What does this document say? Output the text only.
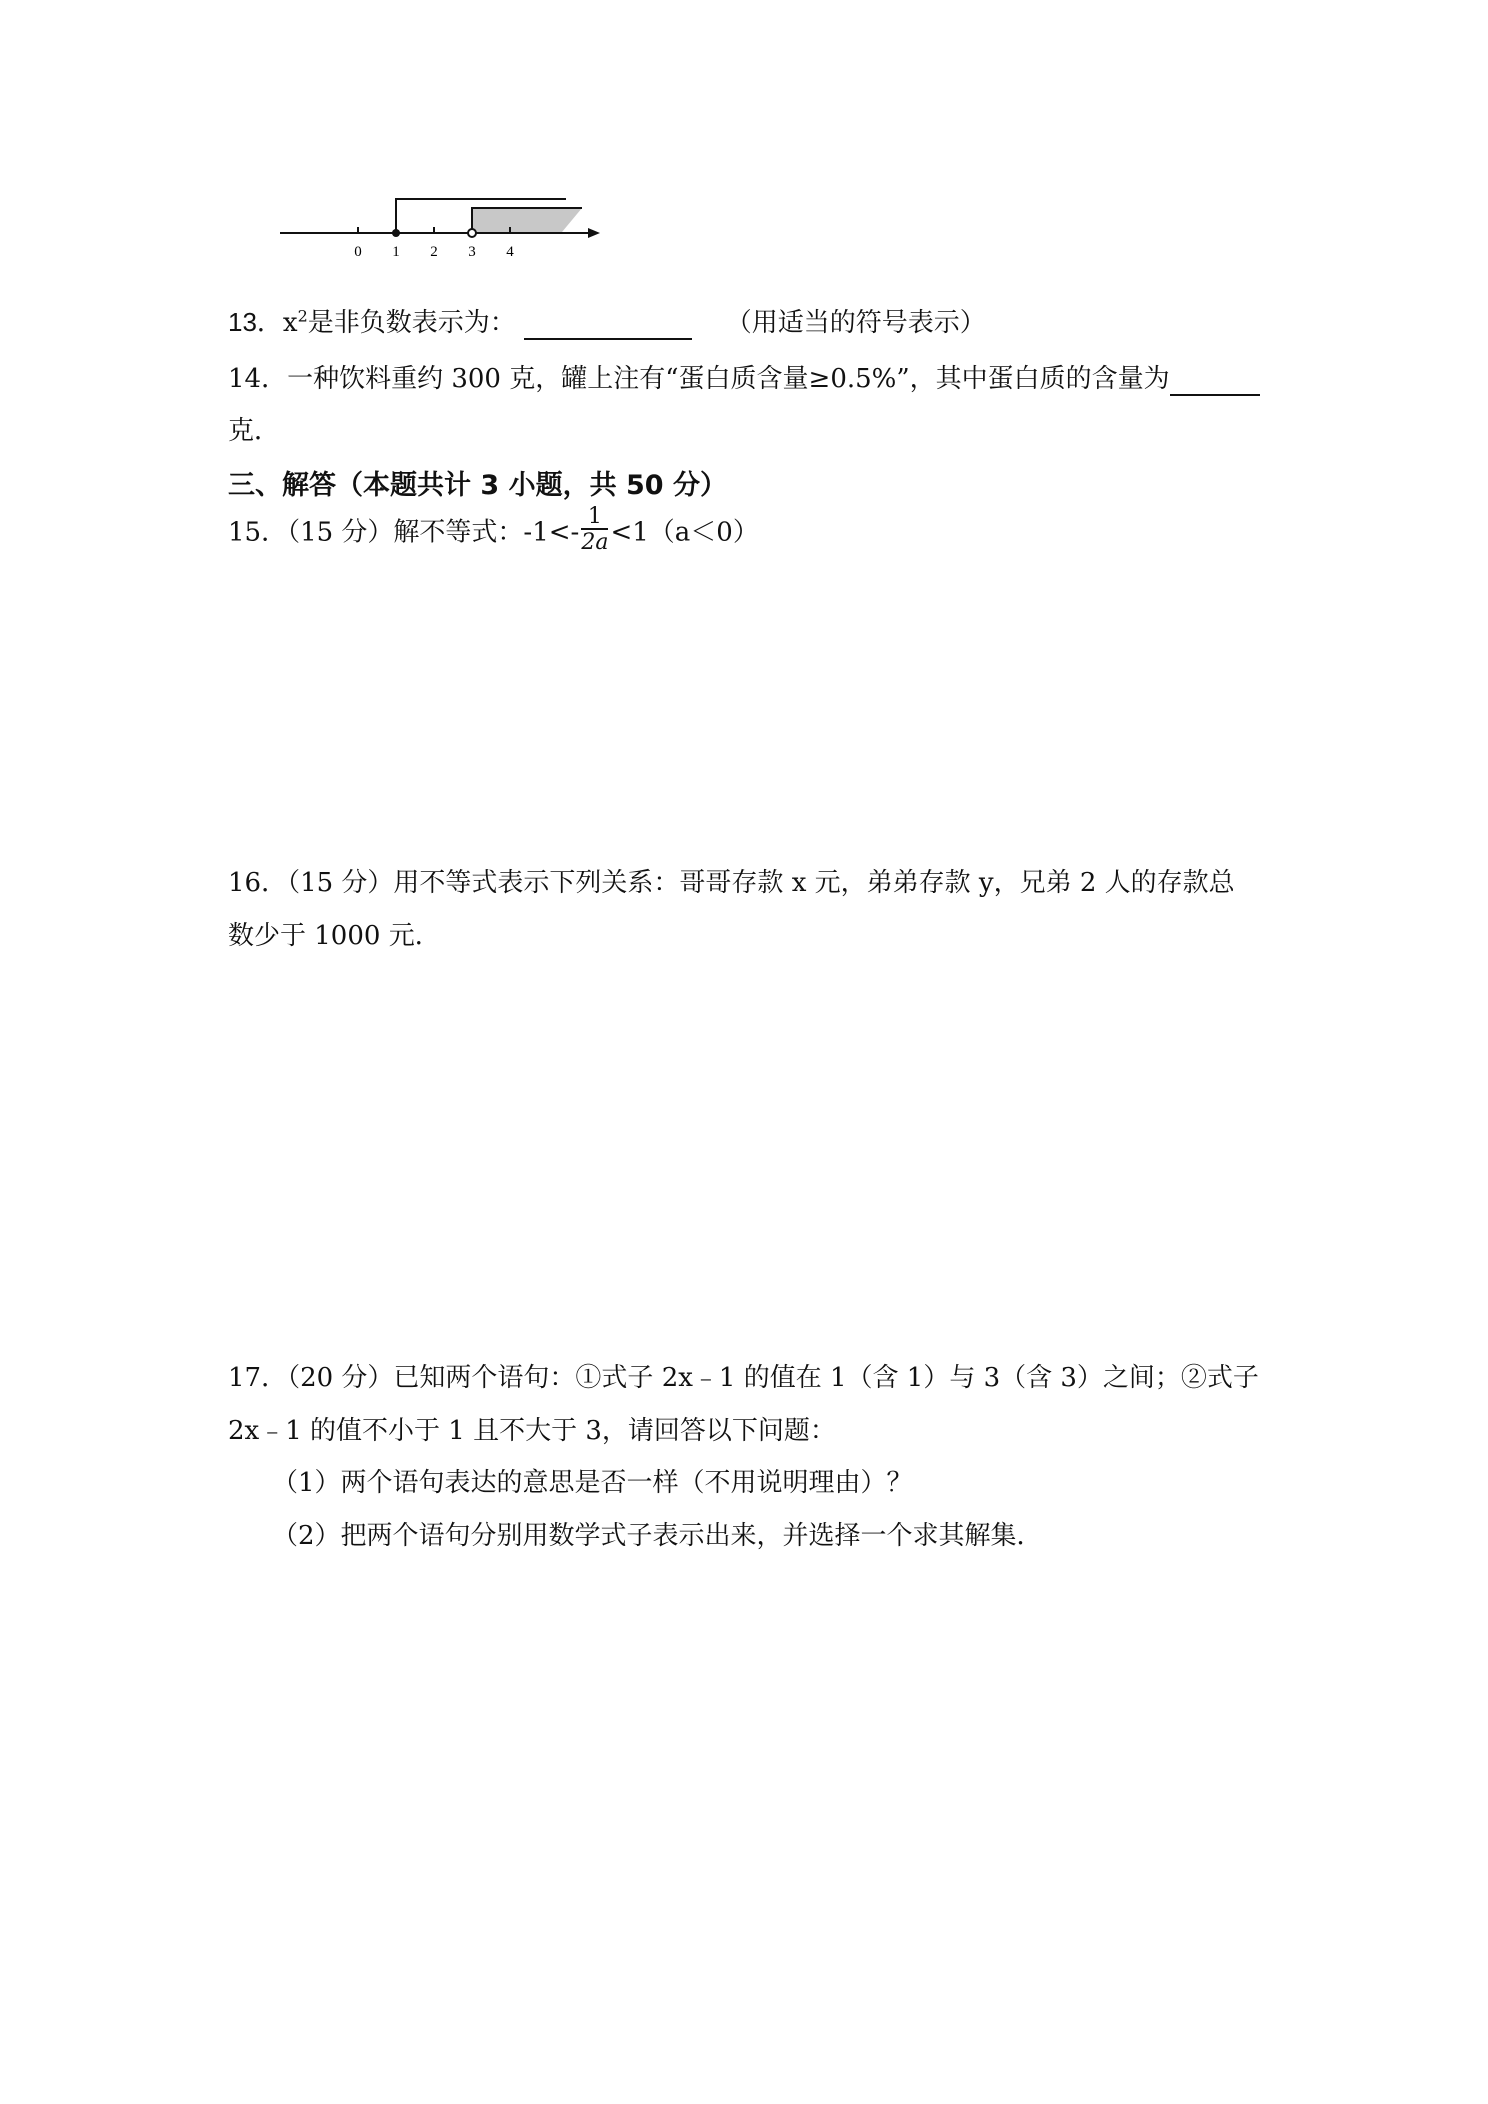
0 1 2 3 4
13．$x^2$是非负数表示为：	（用适当的符号表示）
14．一种饮料重约 300 克，罐上注有“蛋白质含量≥0.5%”，其中蛋白质的含量为
克．
三、解答（本题共计 3 小题，共 50 分）
15．（15 分）解不等式：$-1<- \frac{1}{2a} <1(a<0)$
16．（15 分）用不等式表示下列关系：哥哥存款 x 元，弟弟存款 y，兄弟 2 人的存款总
数少于 1000 元．
17．（20 分）已知两个语句：①式子 2x﹣1 的值在 1（含 1）与 3（含 3）之间；②式子
2x﹣1 的值不小于 1 且不大于 3，请回答以下问题：
（1）两个语句表达的意思是否一样（不用说明理由）？
（2）把两个语句分别用数学式子表示出来，并选择一个求其解集．
